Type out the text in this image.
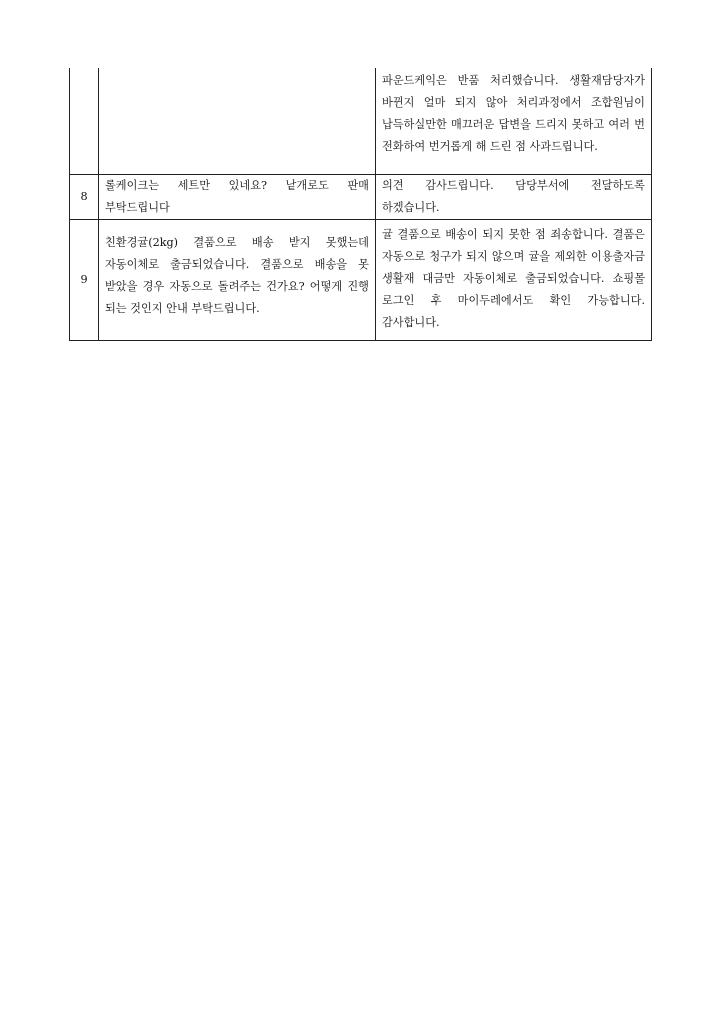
		파운드케익은 반품 처리했습니다. 생활재담당자가 바뀐지 얼마 되지 않아 처리과정에서 조합원님이 납득하실만한 매끄러운 답변을 드리지 못하고 여러 번 전화하여 번거롭게 해 드린 점 사과드립니다.

8	롤케이크는 세트만 있네요? 낱개로도 판매 부탁드립니다	의견 감사드립니다. 담당부서에 전달하도록 하겠습니다.

9	친환경귤(2kg) 결품으로 배송 받지 못했는데 자동이체로 출금되었습니다. 결품으로 배송을 못 받았을 경우 자동으로 돌려주는 건가요? 어떻게 진행 되는 것인지 안내 부탁드립니다.	귤 결품으로 배송이 되지 못한 점 죄송합니다. 결품은 자동으로 청구가 되지 않으며 귤을 제외한 이용출자금 생활재 대금만 자동이체로 출금되었습니다. 쇼핑몰 로그인 후 마이두레에서도 확인 가능합니다. 감사합니다.
